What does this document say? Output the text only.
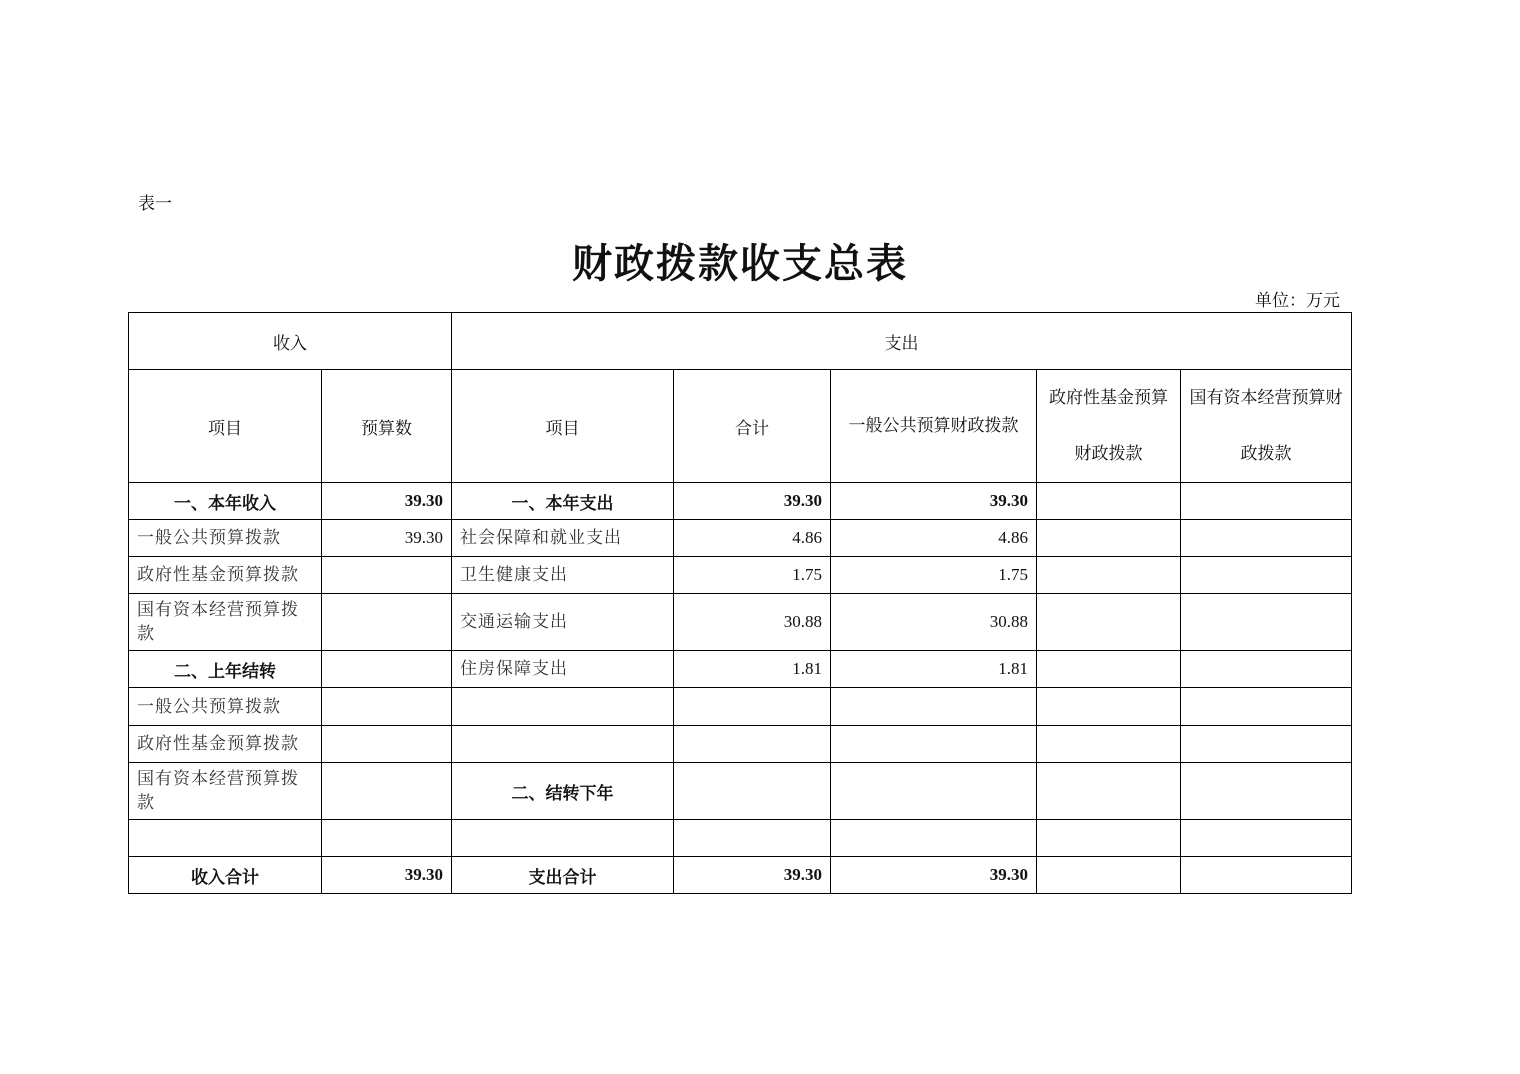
表一
财政拨款收支总表
单位：万元
收入		支出				
项目	预算数	项目	合计	一般公共预算财政拨款	政府性基金预算财政拨款	国有资本经营预算财政拨款
一、本年收入	39.30	一、本年支出	39.30	39.30		
一般公共预算拨款	39.30	社会保障和就业支出	4.86	4.86		
政府性基金预算拨款		卫生健康支出	1.75	1.75		
国有资本经营预算拨款		交通运输支出	30.88	30.88		
二、上年结转		住房保障支出	1.81	1.81		
一般公共预算拨款						
政府性基金预算拨款						
国有资本经营预算拨款		二、结转下年				

收入合计	39.30	支出合计	39.30	39.30		
